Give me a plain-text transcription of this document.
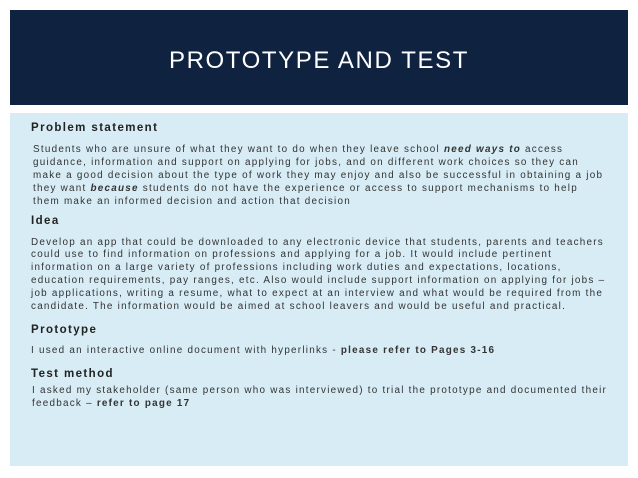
PROTOTYPE AND TEST

Problem statement

Students who are unsure of what they want to do when they leave school need ways to access guidance, information and support on applying for jobs, and on different work choices so they can make a good decision about the type of work they may enjoy and also be successful in obtaining a job they want because students do not have the experience or access to support mechanisms to help them make an informed decision and action that decision

Idea

Develop an app that could be downloaded to any electronic device that students, parents and teachers could use to find information on professions and applying for a job. It would include pertinent information on a large variety of professions including work duties and expectations, locations, education requirements, pay ranges, etc. Also would include support information on applying for jobs – job applications, writing a resume, what to expect at an interview and what would be required from the candidate. The information would be aimed at school leavers and would be useful and practical.

Prototype

I used an interactive online document with hyperlinks - please refer to Pages 3-16

Test method

I asked my stakeholder (same person who was interviewed) to trial the prototype and documented their feedback – refer to page 17
